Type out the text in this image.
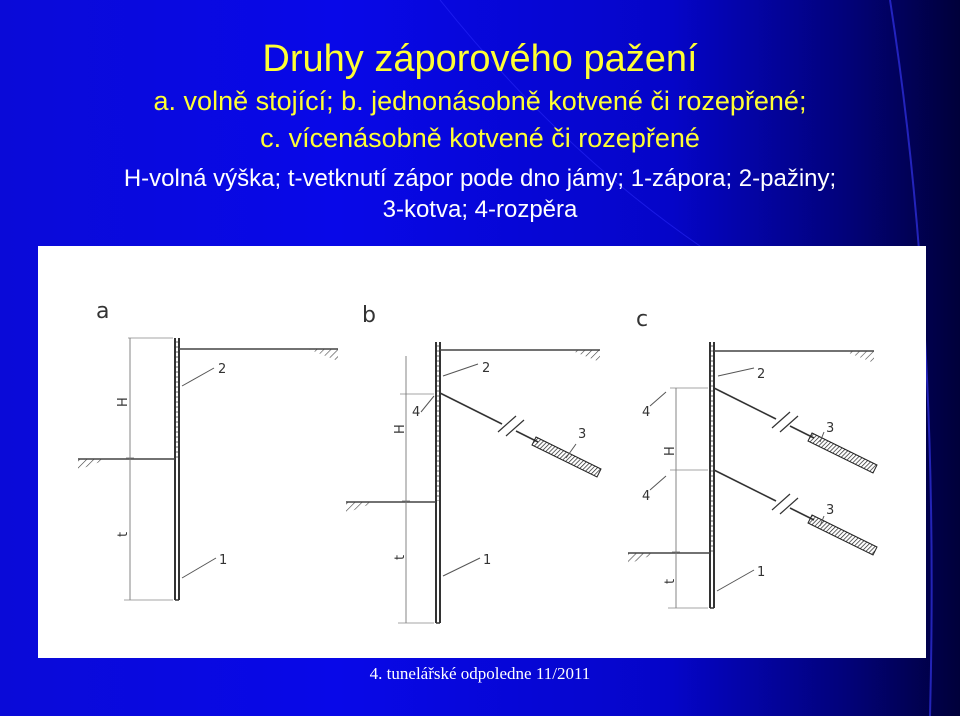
Druhy záporového pažení
a. volně stojící; b. jednonásobně kotvené či rozepřené;
c. vícenásobně kotvené či rozepřené
H-volná výška; t-vetknutí zápor pode dno jámy; 1-zápora; 2-pažiny;
3-kotva; 4-rozpěra
a
H
t
2
1
b
H
t
3
2
4
1
c
H
t
2
4
3
4
3
1
4. tunelářské odpoledne 11/2011
